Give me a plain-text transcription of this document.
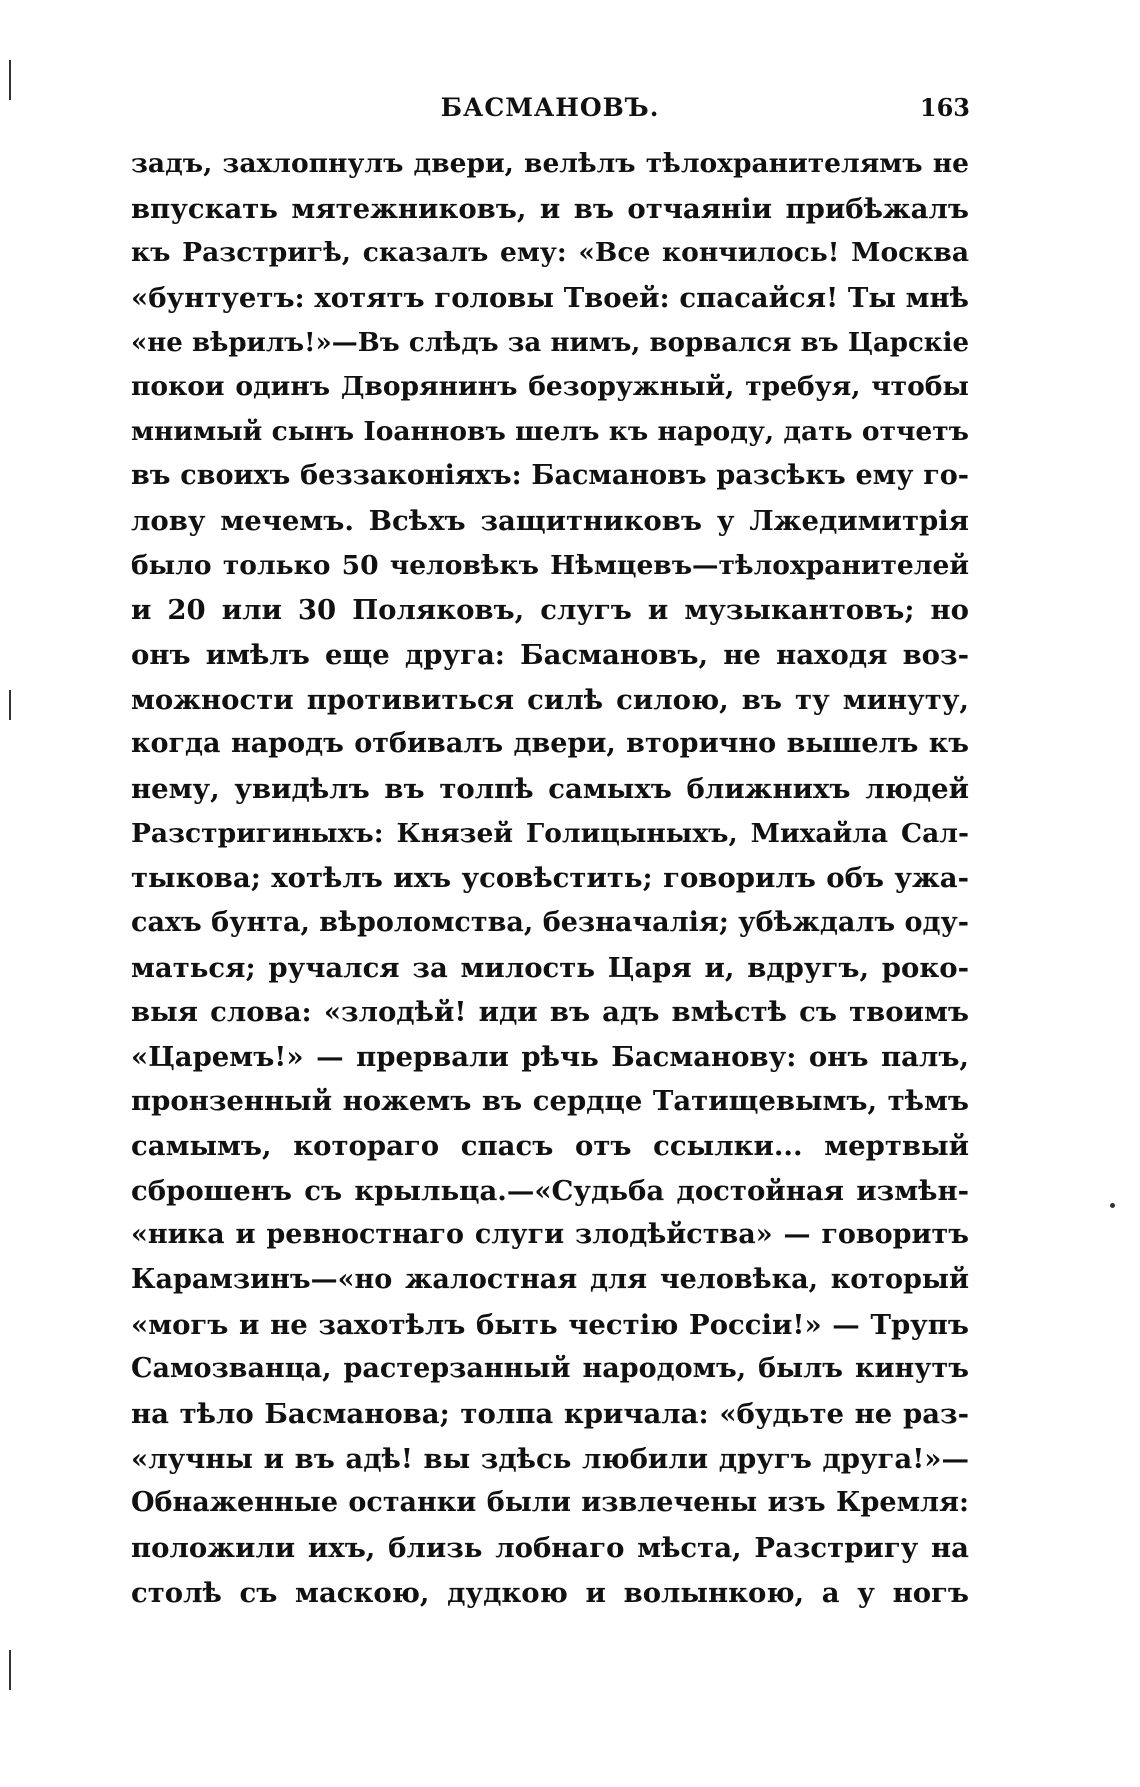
БАСМАНОВЪ.	163
задъ, захлопнулъ двери, велѣлъ тѣлохранителямъ не
впускать мятежниковъ, и въ отчаяніи прибѣжалъ
къ Разстригѣ, сказалъ ему: «Все кончилось! Москва
«бунтуетъ: хотятъ головы Твоей: спасайся! Ты мнѣ
«не вѣрилъ!»—Въ слѣдъ за нимъ, ворвался въ Царскіе
покои одинъ Дворянинъ безоружный, требуя, чтобы
мнимый сынъ Іоанновъ шелъ къ народу, дать отчетъ
въ своихъ беззаконіяхъ: Басмановъ разсѣкъ ему го-
лову мечемъ. Всѣхъ защитниковъ у Лжедимитрія
было только 50 человѣкъ Нѣмцевъ—тѣлохранителей
и 20 или 30 Поляковъ, слугъ и музыкантовъ; но
онъ имѣлъ еще друга: Басмановъ, не находя воз-
можности противиться силѣ силою, въ ту минуту,
когда народъ отбивалъ двери, вторично вышелъ къ
нему, увидѣлъ въ толпѣ самыхъ ближнихъ людей
Разстригиныхъ: Князей Голицыныхъ, Михайла Сал-
тыкова; хотѣлъ ихъ усовѣстить; говорилъ объ ужа-
сахъ бунта, вѣроломства, безначалія; убѣждалъ оду-
маться; ручался за милость Царя и, вдругъ, роко-
выя слова: «злодѣй! иди въ адъ вмѣстѣ съ твоимъ
«Царемъ!» — прервали рѣчь Басманову: онъ палъ,
пронзенный ножемъ въ сердце Татищевымъ, тѣмъ
самымъ, котораго спасъ отъ ссылки... мертвый
сброшенъ съ крыльца.—«Судьба достойная измѣн-
«ника и ревностнаго слуги злодѣйства» — говоритъ
Карамзинъ—«но жалостная для человѣка, который
«могъ и не захотѣлъ быть честію Россіи!» — Трупъ
Самозванца, растерзанный народомъ, былъ кинутъ
на тѣло Басманова; толпа кричала: «будьте не раз-
«лучны и въ адѣ! вы здѣсь любили другъ друга!»—
Обнаженные останки были извлечены изъ Кремля:
положили ихъ, близь лобнаго мѣста, Разстригу на
столѣ съ маскою, дудкою и волынкою, а у ногъ
